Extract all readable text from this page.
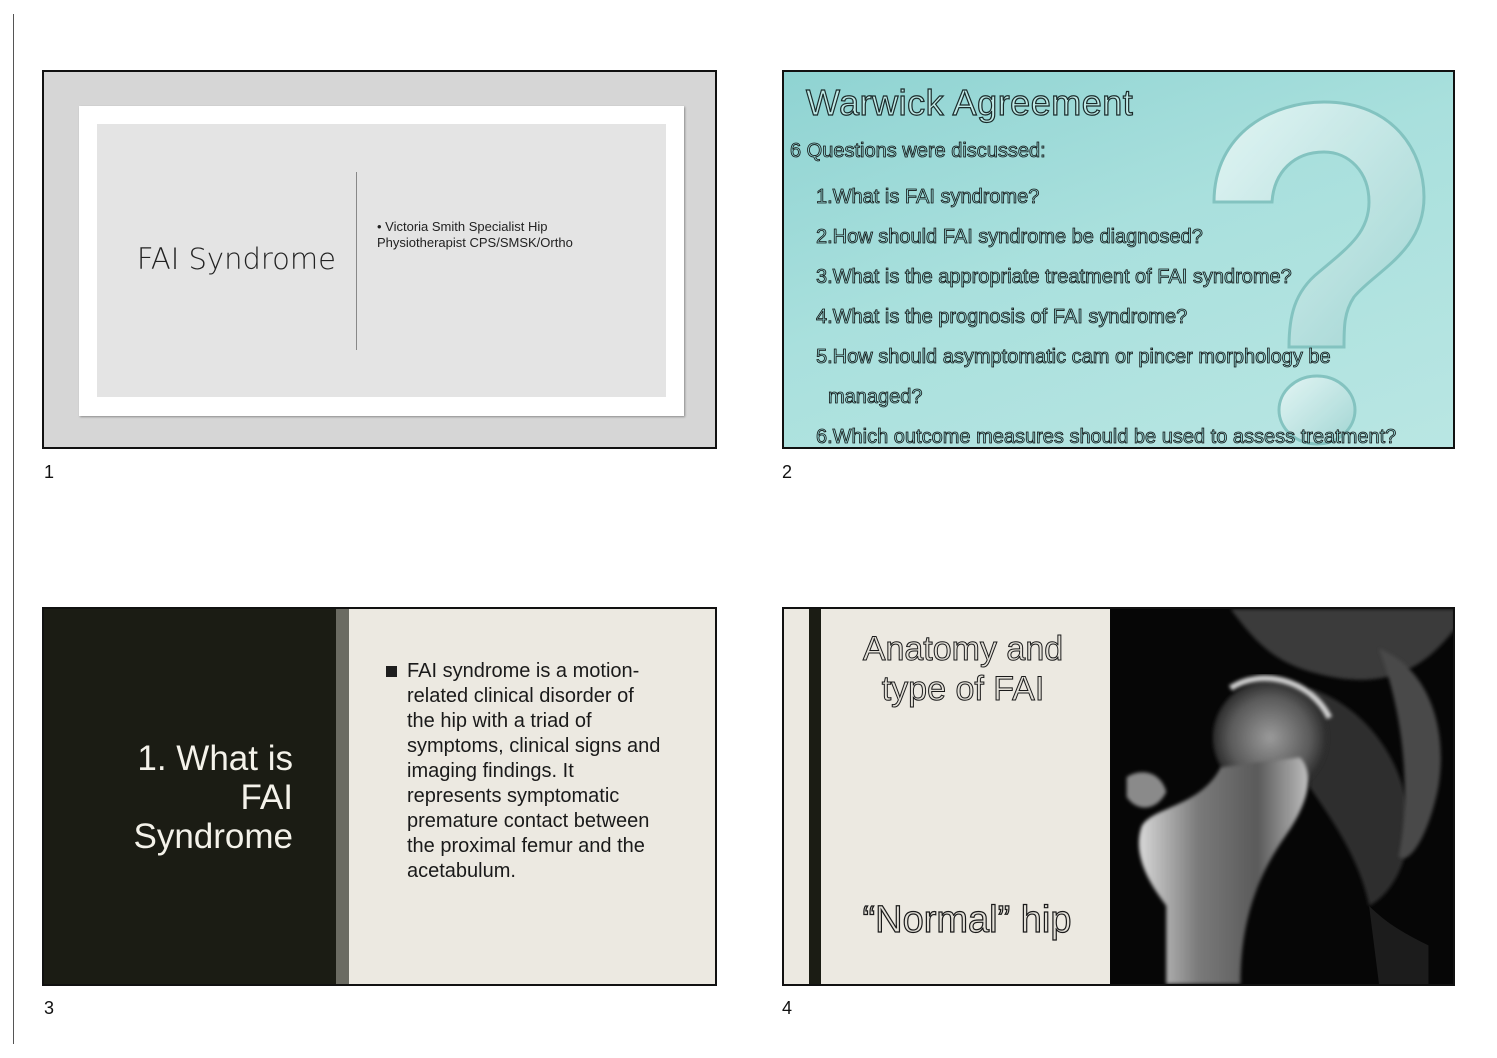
FAI Syndrome
• Victoria Smith Specialist Hip Physiotherapist CPS/SMSK/Ortho
1
Warwick Agreement
6 Questions were discussed:
1.What is FAI syndrome?
2.How should FAI syndrome be diagnosed?
3.What is the appropriate treatment of FAI syndrome?
4.What is the prognosis of FAI syndrome?
5.How should asymptomatic cam or pincer morphology be
managed?
6.Which outcome measures should be used to assess treatment?
2
1. What is
FAI
Syndrome
FAI syndrome is a motion-related clinical disorder of the hip with a triad of symptoms, clinical signs and imaging findings. It represents symptomatic premature contact between the proximal femur and the acetabulum.
3
Anatomy and
type of FAI
“Normal” hip
4
